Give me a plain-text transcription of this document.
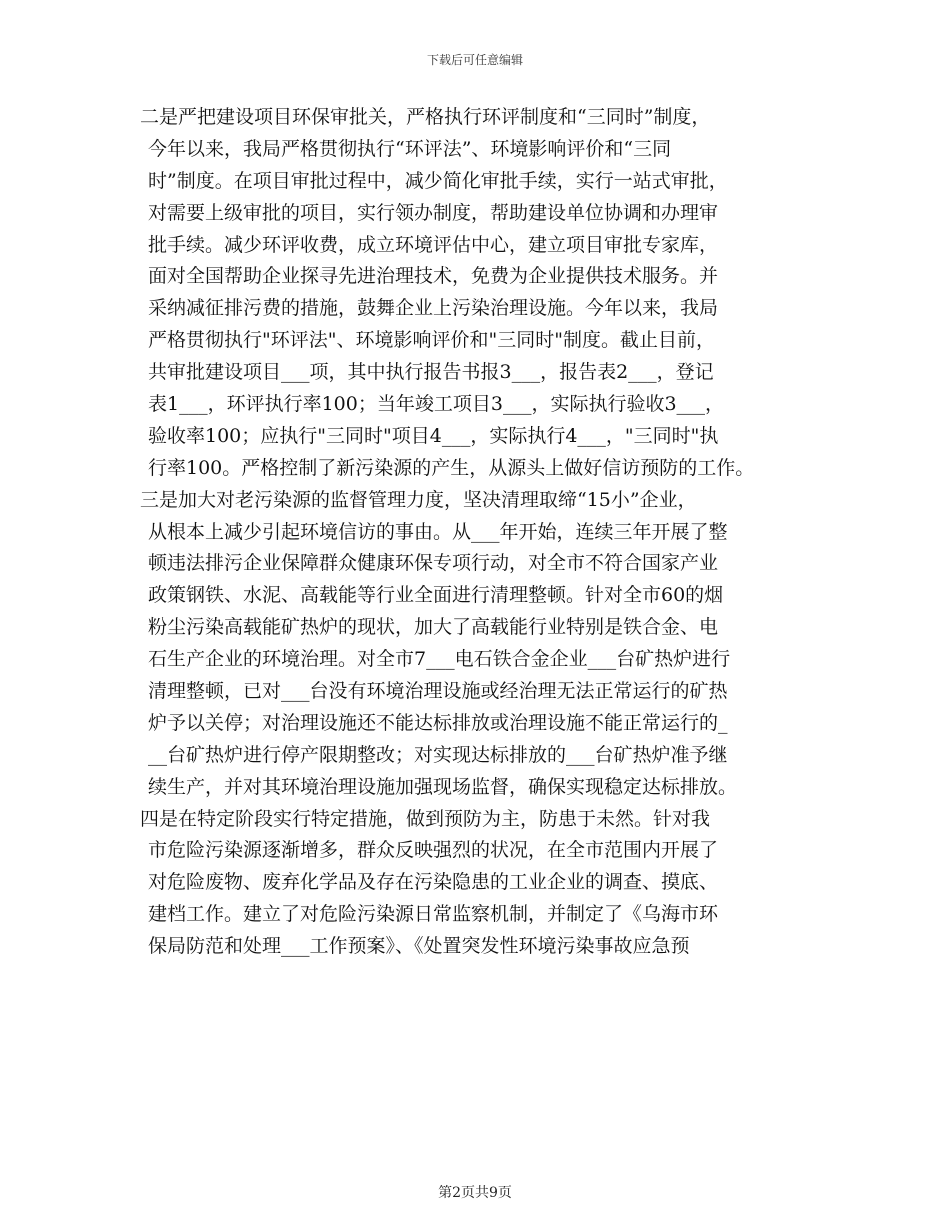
下载后可任意编辑
二是严把建设项目环保审批关，严格执行环评制度和“三同时”制度，
今年以来，我局严格贯彻执行“环评法”、环境影响评价和“三同
时”制度。在项目审批过程中，减少简化审批手续，实行一站式审批，
对需要上级审批的项目，实行领办制度，帮助建设单位协调和办理审
批手续。减少环评收费，成立环境评估中心，建立项目审批专家库，
面对全国帮助企业探寻先进治理技术，免费为企业提供技术服务。并
采纳减征排污费的措施，鼓舞企业上污染治理设施。今年以来，我局
严格贯彻执行"环评法"、环境影响评价和"三同时"制度。截止目前，
共审批建设项目___项，其中执行报告书报3___，报告表2___，登记
表1___，环评执行率100；当年竣工项目3___，实际执行验收3___，
验收率100；应执行"三同时"项目4___，实际执行4___，"三同时"执
行率100。严格控制了新污染源的产生，从源头上做好信访预防的工作。
三是加大对老污染源的监督管理力度，坚决清理取缔“15小”企业，
从根本上减少引起环境信访的事由。从___年开始，连续三年开展了整
顿违法排污企业保障群众健康环保专项行动，对全市不符合国家产业
政策钢铁、水泥、高载能等行业全面进行清理整顿。针对全市60的烟
粉尘污染高载能矿热炉的现状，加大了高载能行业特别是铁合金、电
石生产企业的环境治理。对全市7___电石铁合金企业___台矿热炉进行
清理整顿，已对___台没有环境治理设施或经治理无法正常运行的矿热
炉予以关停；对治理设施还不能达标排放或治理设施不能正常运行的_
__台矿热炉进行停产限期整改；对实现达标排放的___台矿热炉准予继
续生产，并对其环境治理设施加强现场监督，确保实现稳定达标排放。
四是在特定阶段实行特定措施，做到预防为主，防患于未然。针对我
市危险污染源逐渐增多，群众反映强烈的状况，在全市范围内开展了
对危险废物、废弃化学品及存在污染隐患的工业企业的调查、摸底、
建档工作。建立了对危险污染源日常监察机制，并制定了《乌海市环
保局防范和处理___工作预案》、《处置突发性环境污染事故应急预
第2页共9页
